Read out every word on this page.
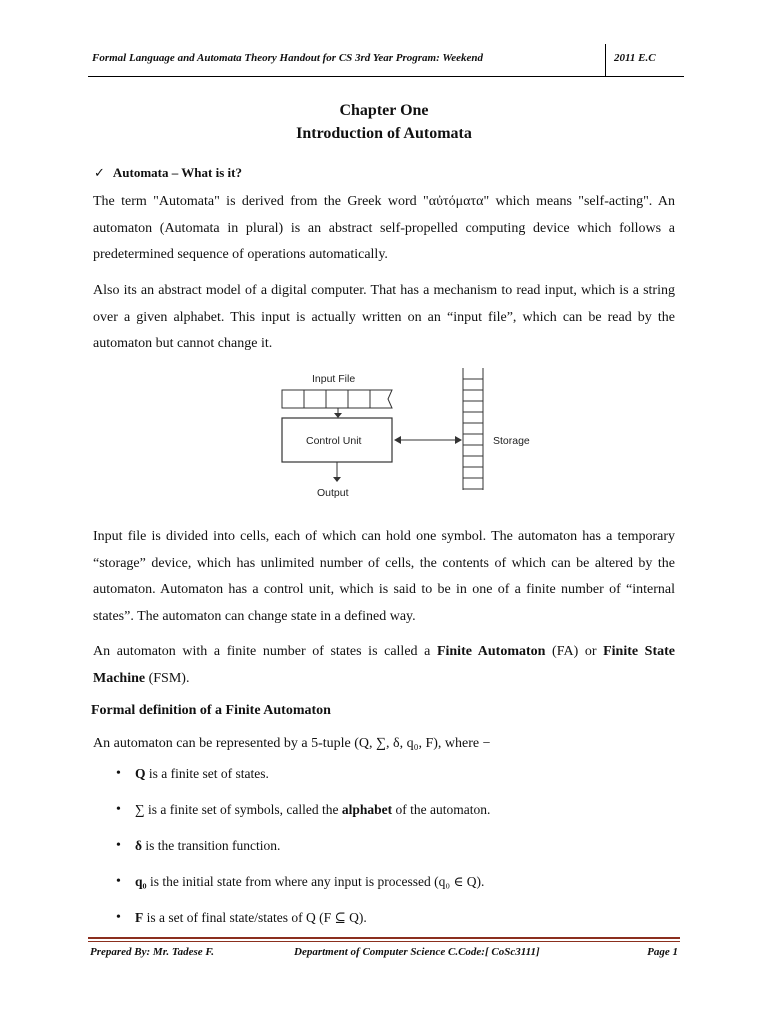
Formal Language and Automata Theory Handout for CS 3rd Year Program: Weekend	2011 E.C
Chapter One
Introduction of Automata
✓ Automata – What is it?
The term "Automata" is derived from the Greek word "αὐτόματα" which means "self-acting". An automaton (Automata in plural) is an abstract self-propelled computing device which follows a predetermined sequence of operations automatically.
Also its an abstract model of a digital computer. That has a mechanism to read input, which is a string over a given alphabet. This input is actually written on an “input file”, which can be read by the automaton but cannot change it.
Input File
Control Unit	Storage
Output
Input file is divided into cells, each of which can hold one symbol. The automaton has a temporary “storage” device, which has unlimited number of cells, the contents of which can be altered by the automaton. Automaton has a control unit, which is said to be in one of a finite number of “internal states”. The automaton can change state in a defined way.
An automaton with a finite number of states is called a Finite Automaton (FA) or Finite State Machine (FSM).
Formal definition of a Finite Automaton
An automaton can be represented by a 5-tuple (Q, ∑, δ, q₀, F), where −
• Q is a finite set of states.
• ∑ is a finite set of symbols, called the alphabet of the automaton.
• δ is the transition function.
• q₀ is the initial state from where any input is processed (q₀ ∈ Q).
• F is a set of final state/states of Q (F ⊆ Q).
Prepared By: Mr. Tadese F.	Department of Computer Science C.Code:[ CoSc3111]	Page 1
